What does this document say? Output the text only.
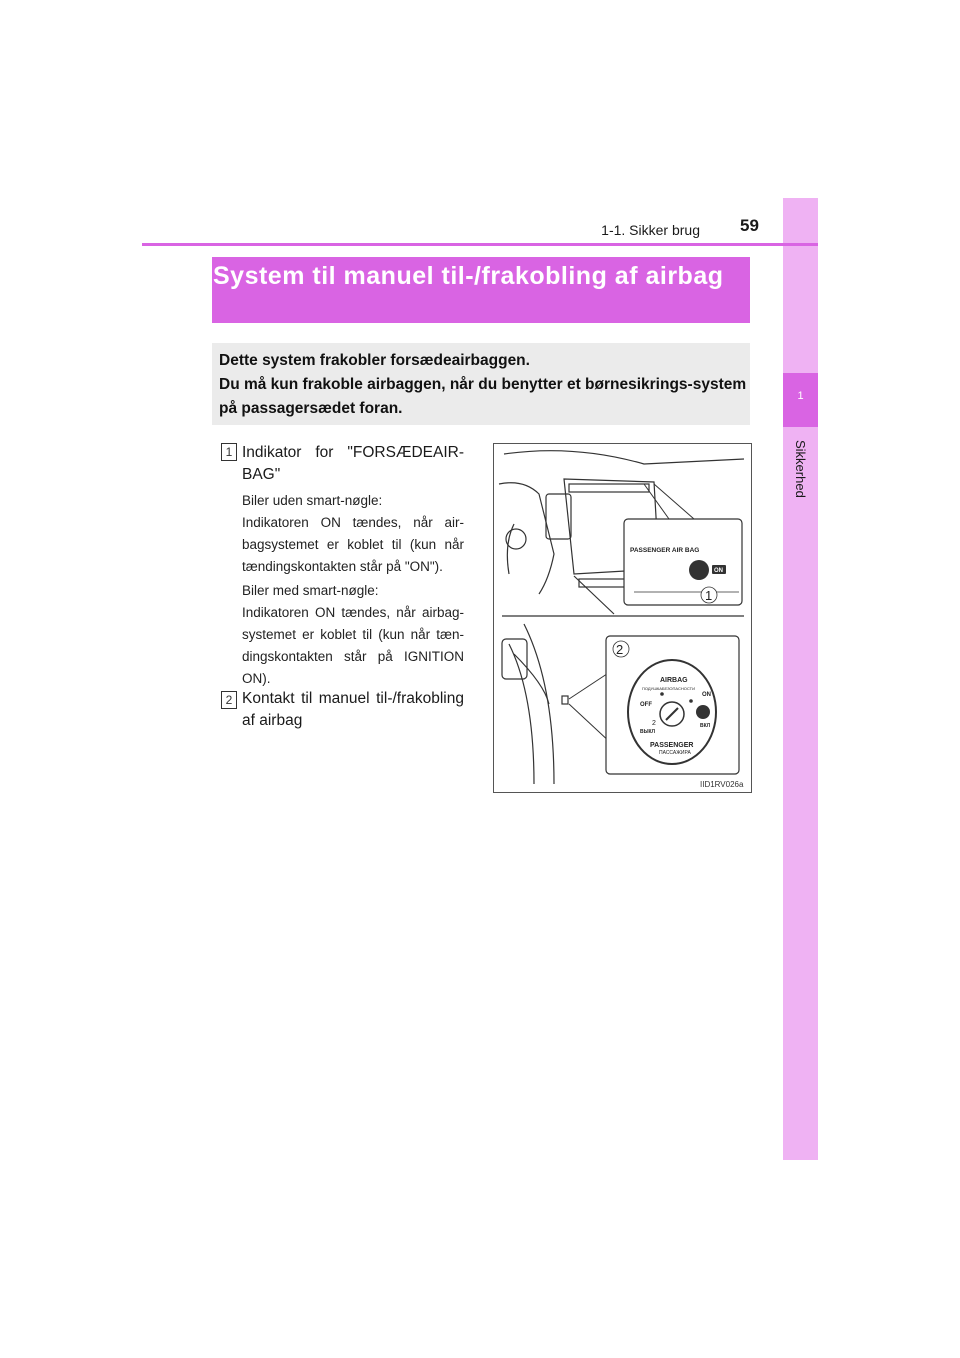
1
Sikkerhed
1-1. Sikker brug 59
System til manuel til-/frakobling af airbag
Dette system frakobler forsædeairbaggen.
Du må kun frakoble airbaggen, når du benytter et børnesikrings-system på passagersædet foran.
1 Indikator for "FORSÆDEAIR-BAG"
Biler uden smart-nøgle:
Indikatoren ON tændes, når air-bagsystemet er koblet til (kun når tændingskontakten står på "ON").
Biler med smart-nøgle:
Indikatoren ON tændes, når airbag-systemet er koblet til (kun når tæn-dingskontakten står på IGNITION ON).
2 Kontakt til manuel til-/frakobling af airbag
PASSENGER AIR BAG
ON
1
2
AIRBAG
ПОДУШКАБЕЗОПАСНОСТИ
OFF
2
ВЫКЛ
ON
ВКЛ
PASSENGER
ПАССАЖИРА
IID1RV026a
